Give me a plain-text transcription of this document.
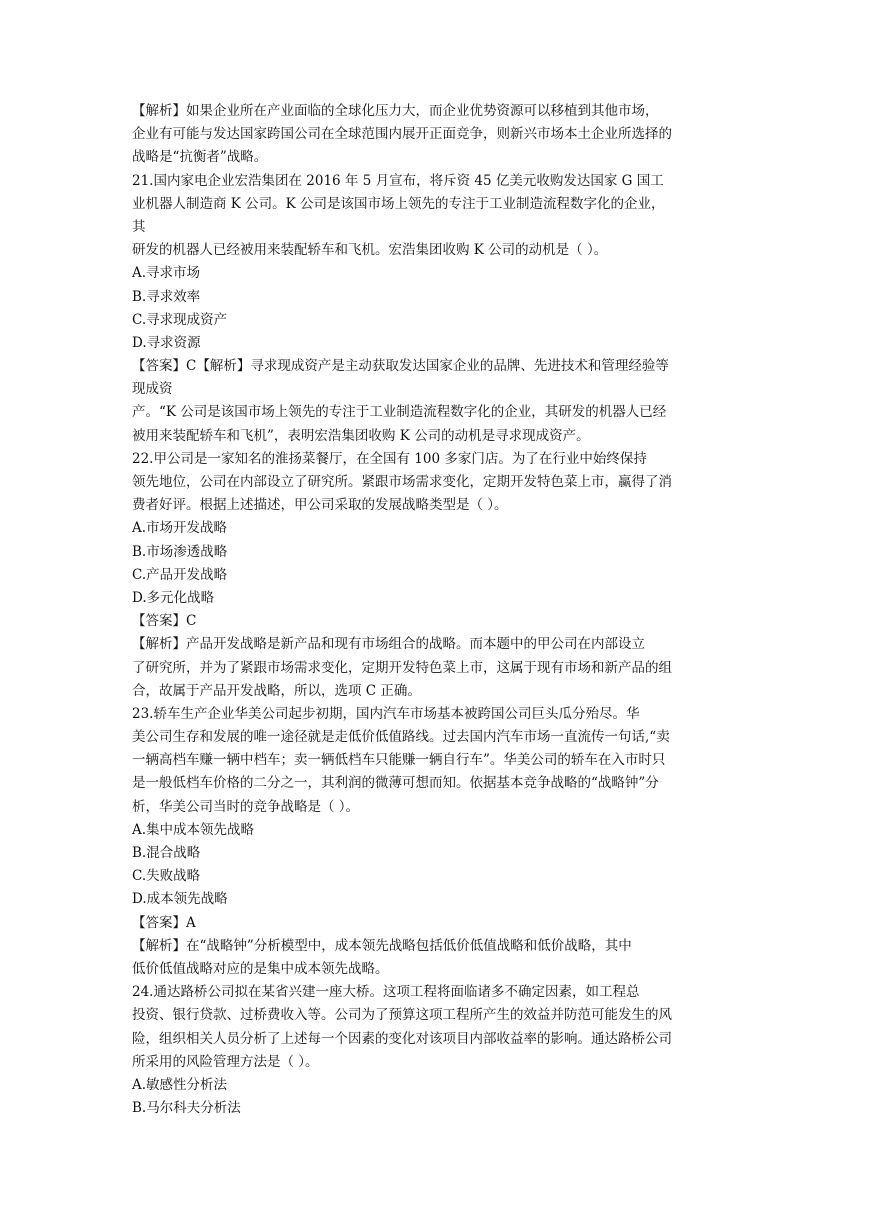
【解析】如果企业所在产业面临的全球化压力大，而企业优势资源可以移植到其他市场，
企业有可能与发达国家跨国公司在全球范围内展开正面竞争，则新兴市场本土企业所选择的
战略是“抗衡者”战略。
21.国内家电企业宏浩集团在 2016 年 5 月宣布，将斥资 45 亿美元收购发达国家 G 国工
业机器人制造商 K 公司。K 公司是该国市场上领先的专注于工业制造流程数字化的企业，
其
研发的机器人已经被用来装配轿车和飞机。宏浩集团收购 K 公司的动机是（ ）。
A.寻求市场
B.寻求效率
C.寻求现成资产
D.寻求资源
【答案】C【解析】寻求现成资产是主动获取发达国家企业的品牌、先进技术和管理经验等
现成资
产。“K 公司是该国市场上领先的专注于工业制造流程数字化的企业，其研发的机器人已经
被用来装配轿车和飞机”，表明宏浩集团收购 K 公司的动机是寻求现成资产。
22.甲公司是一家知名的淮扬菜餐厅，在全国有 100 多家门店。为了在行业中始终保持
领先地位，公司在内部设立了研究所。紧跟市场需求变化，定期开发特色菜上市，赢得了消
费者好评。根据上述描述，甲公司采取的发展战略类型是（ ）。
A.市场开发战略
B.市场渗透战略
C.产品开发战略
D.多元化战略
【答案】C
【解析】产品开发战略是新产品和现有市场组合的战略。而本题中的甲公司在内部设立
了研究所，并为了紧跟市场需求变化，定期开发特色菜上市，这属于现有市场和新产品的组
合，故属于产品开发战略，所以，选项 C 正确。
23.轿车生产企业华美公司起步初期，国内汽车市场基本被跨国公司巨头瓜分殆尽。华
美公司生存和发展的唯一途径就是走低价低值路线。过去国内汽车市场一直流传一句话,“卖
一辆高档车赚一辆中档车；卖一辆低档车只能赚一辆自行车”。华美公司的轿车在入市时只
是一般低档车价格的二分之一，其利润的微薄可想而知。依据基本竞争战略的“战略钟”分
析，华美公司当时的竞争战略是（ ）。
A.集中成本领先战略
B.混合战略
C.失败战略
D.成本领先战略
【答案】A
【解析】在“战略钟”分析模型中，成本领先战略包括低价低值战略和低价战略，其中
低价低值战略对应的是集中成本领先战略。
24.通达路桥公司拟在某省兴建一座大桥。这项工程将面临诸多不确定因素，如工程总
投资、银行贷款、过桥费收入等。公司为了预算这项工程所产生的效益并防范可能发生的风
险，组织相关人员分析了上述每一个因素的变化对该项目内部收益率的影响。通达路桥公司
所采用的风险管理方法是（ ）。
A.敏感性分析法
B.马尔科夫分析法
